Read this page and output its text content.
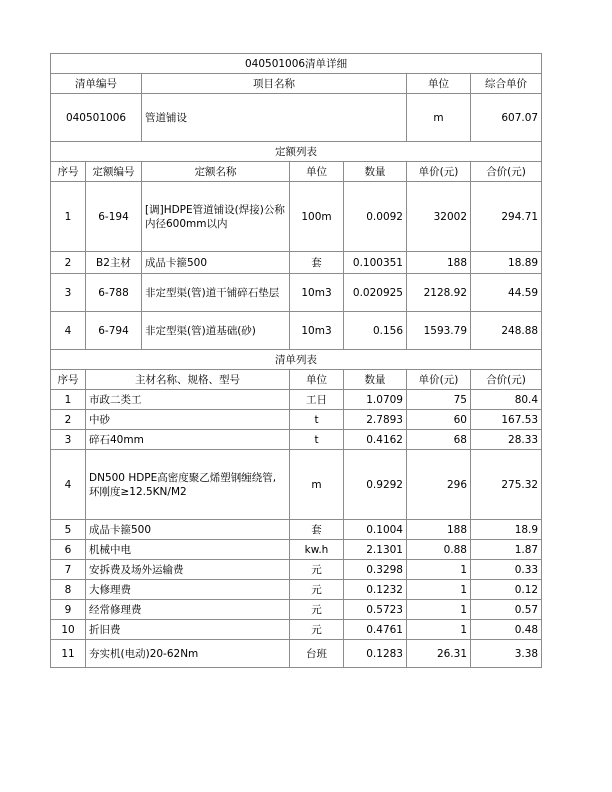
040501006清单详细						
清单编号		项目名称			单位	综合单价
040501006		管道铺设			m	607.07
定额列表						
序号	定额编号	定额名称	单位	数量	单价(元)	合价(元)
1	6-194	[调]HDPE管道铺设(焊接)公称内径600mm以内	100m	0.0092	32002	294.71
2	B2主材	成品卡箍500	套	0.100351	188	18.89
3	6-788	非定型渠(管)道干铺碎石垫层	10m3	0.020925	2128.92	44.59
4	6-794	非定型渠(管)道基础(砂)	10m3	0.156	1593.79	248.88
清单列表						
序号	主材名称、规格、型号		单位	数量	单价(元)	合价(元)
1	市政二类工		工日	1.0709	75	80.4
2	中砂		t	2.7893	60	167.53
3	碎石40mm		t	0.4162	68	28.33
4	DN500 HDPE高密度聚乙烯塑钢缠绕管,环刚度≥12.5KN/M2		m	0.9292	296	275.32
5	成品卡箍500		套	0.1004	188	18.9
6	机械中电		kw.h	2.1301	0.88	1.87
7	安拆费及场外运输费		元	0.3298	1	0.33
8	大修理费		元	0.1232	1	0.12
9	经常修理费		元	0.5723	1	0.57
10	折旧费		元	0.4761	1	0.48
11	夯实机(电动)20-62Nm		台班	0.1283	26.31	3.38
